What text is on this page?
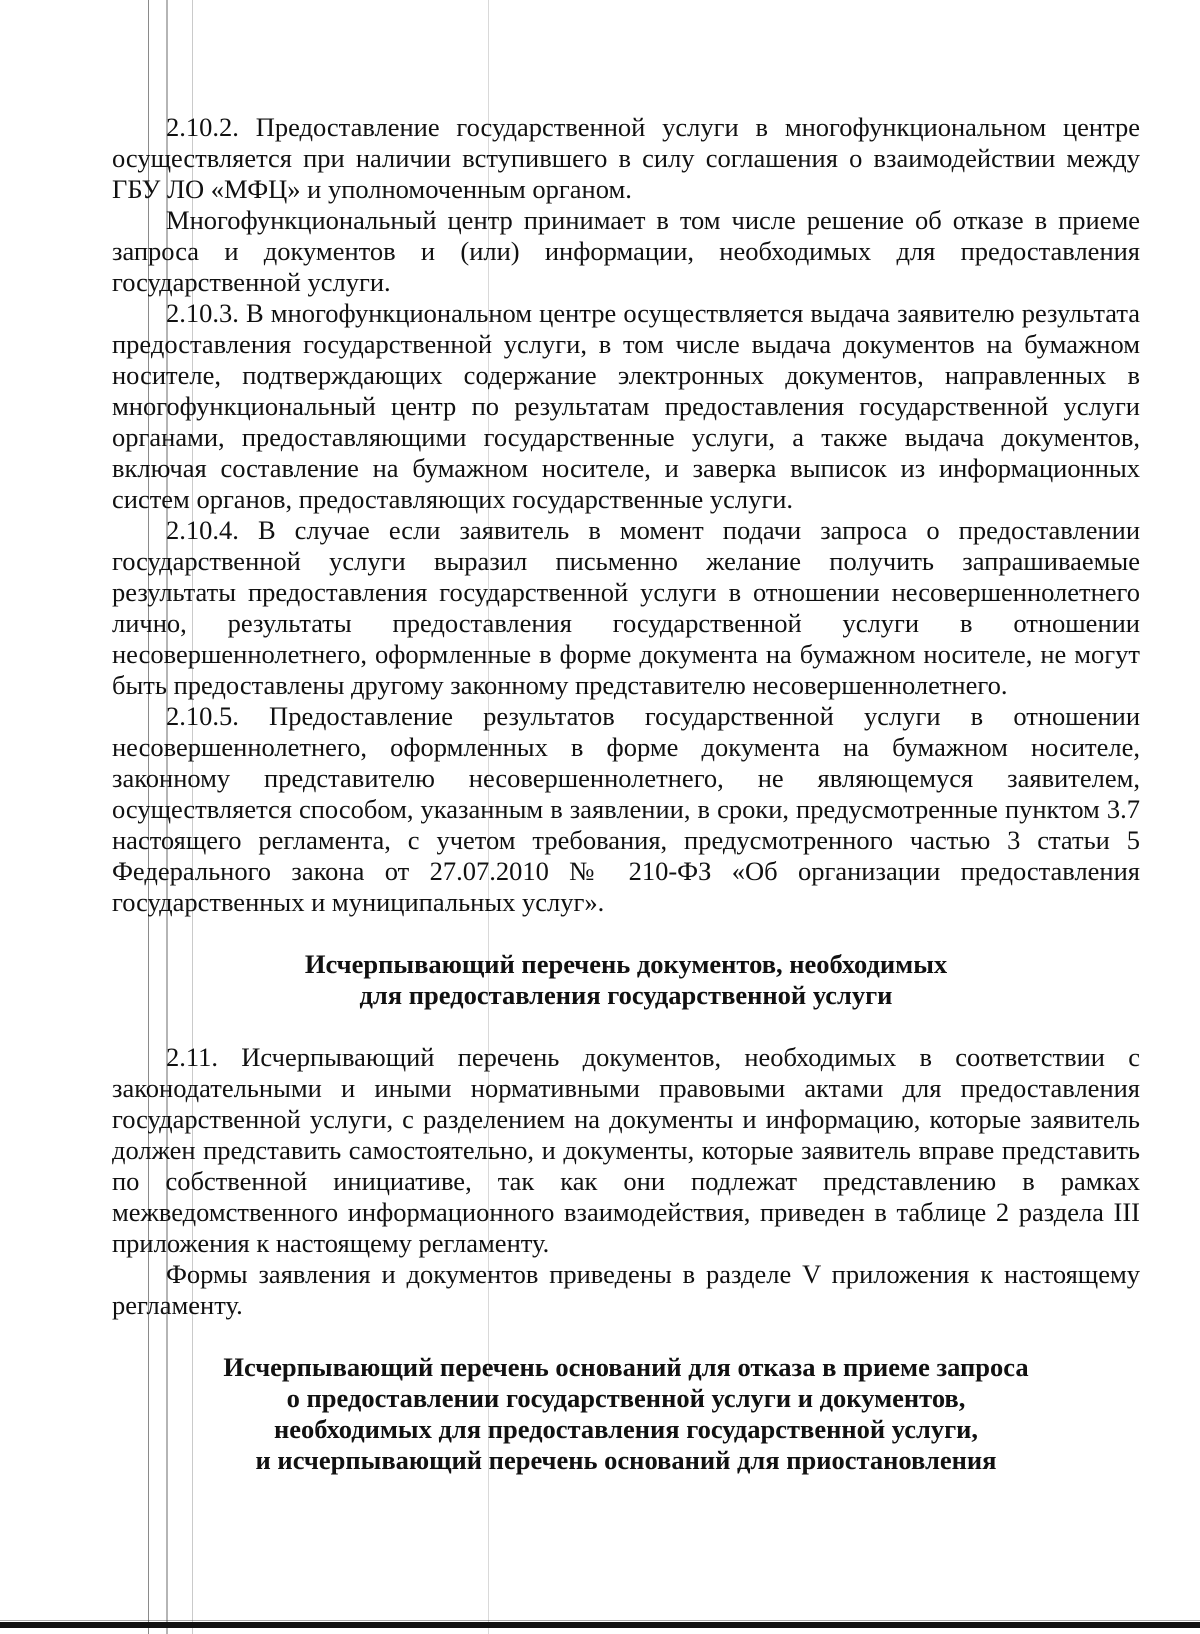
2.10.2. Предоставление государственной услуги в многофункциональном центре осуществляется при наличии вступившего в силу соглашения о взаимодействии между ГБУ ЛО «МФЦ» и уполномоченным органом.

Многофункциональный центр принимает в том числе решение об отказе в приеме запроса и документов и (или) информации, необходимых для предоставления государственной услуги.

2.10.3. В многофункциональном центре осуществляется выдача заявителю результата предоставления государственной услуги, в том числе выдача документов на бумажном носителе, подтверждающих содержание электронных документов, направленных в многофункциональный центр по результатам предоставления государственной услуги органами, предоставляющими государственные услуги, а также выдача документов, включая составление на бумажном носителе, и заверка выписок из информационных систем органов, предоставляющих государственные услуги.

2.10.4. В случае если заявитель в момент подачи запроса о предоставлении государственной услуги выразил письменно желание получить запрашиваемые результаты предоставления государственной услуги в отношении несовершеннолетнего лично, результаты предоставления государственной услуги в отношении несовершеннолетнего, оформленные в форме документа на бумажном носителе, не могут быть предоставлены другому законному представителю несовершеннолетнего.

2.10.5. Предоставление результатов государственной услуги в отношении несовершеннолетнего, оформленных в форме документа на бумажном носителе, законному представителю несовершеннолетнего, не являющемуся заявителем, осуществляется способом, указанным в заявлении, в сроки, предусмотренные пунктом 3.7 настоящего регламента, с учетом требования, предусмотренного частью 3 статьи 5 Федерального закона от 27.07.2010 № 210-ФЗ «Об организации предоставления государственных и муниципальных услуг».

Исчерпывающий перечень документов, необходимых
для предоставления государственной услуги

2.11. Исчерпывающий перечень документов, необходимых в соответствии с законодательными и иными нормативными правовыми актами для предоставления государственной услуги, с разделением на документы и информацию, которые заявитель должен представить самостоятельно, и документы, которые заявитель вправе представить по собственной инициативе, так как они подлежат представлению в рамках межведомственного информационного взаимодействия, приведен в таблице 2 раздела III приложения к настоящему регламенту.

Формы заявления и документов приведены в разделе V приложения к настоящему регламенту.

Исчерпывающий перечень оснований для отказа в приеме запроса
о предоставлении государственной услуги и документов,
необходимых для предоставления государственной услуги,
и исчерпывающий перечень оснований для приостановления
